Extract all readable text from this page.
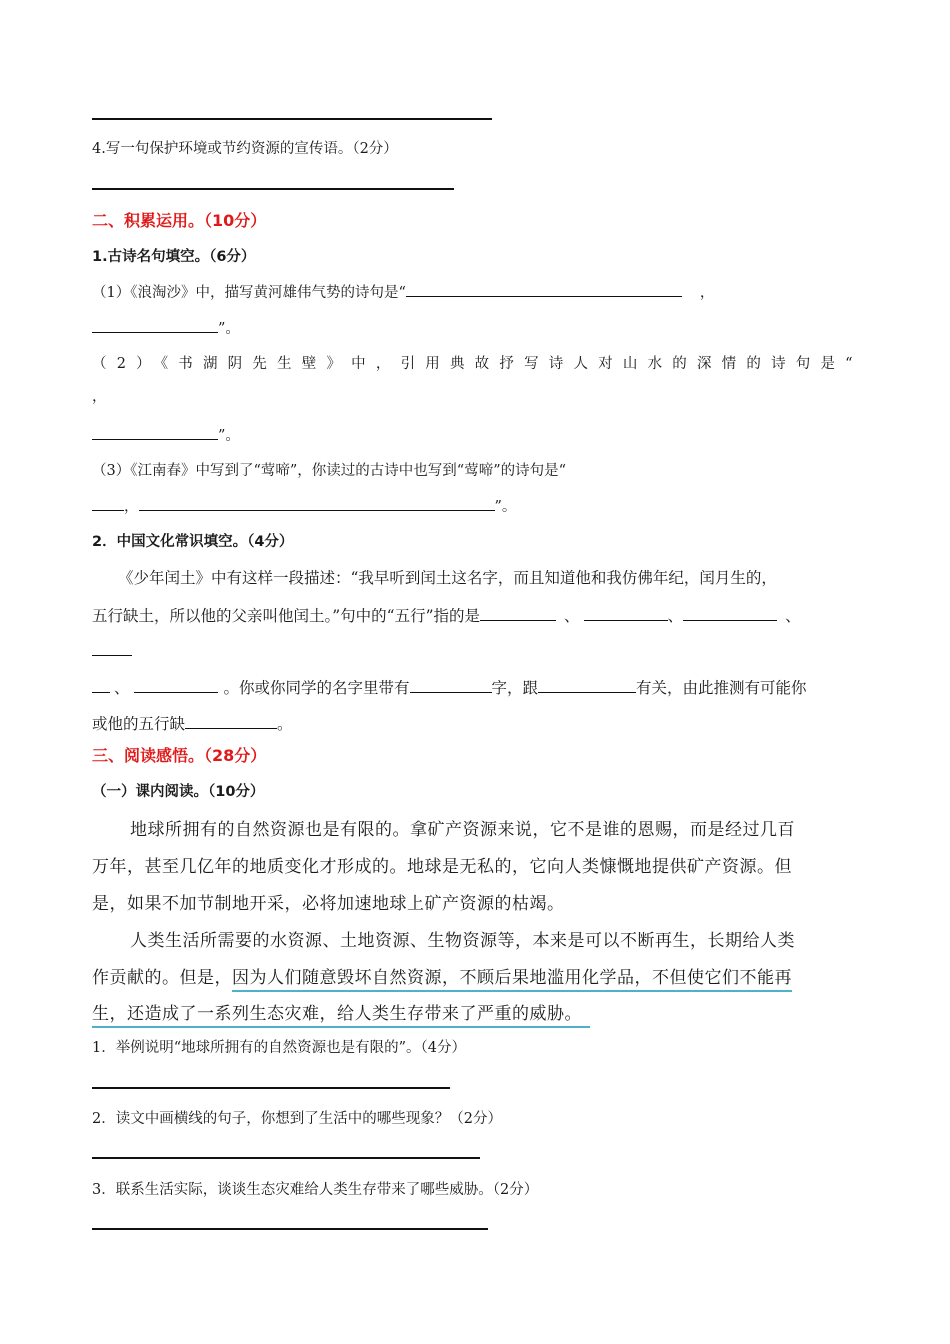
4.写一句保护环境或节约资源的宣传语。（2分）
二、积累运用。（10分）
1.古诗名句填空。（6分）
（1）《浪淘沙》中，描写黄河雄伟气势的诗句是“	，
”。
（2）《书湖阴先生壁》中，引用典故抒写诗人对山水的深情的诗句是“
，
”。
（3）《江南春》中写到了“莺啼”，你读过的古诗中也写到“莺啼”的诗句是“
，	”。
2．中国文化常识填空。（4分）
《少年闰土》中有这样一段描述：“我早听到闰土这名字，而且知道他和我仿佛年纪，闰月生的，
五行缺土，所以他的父亲叫他闰土。”句中的“五行”指的是	、	、	、
、	。你或你同学的名字里带有	字，跟	有关，由此推测有可能你
或他的五行缺	。
三、阅读感悟。（28分）
（一）课内阅读。（10分）
地球所拥有的自然资源也是有限的。拿矿产资源来说，它不是谁的恩赐，而是经过几百
万年，甚至几亿年的地质变化才形成的。地球是无私的，它向人类慷慨地提供矿产资源。但
是，如果不加节制地开采，必将加速地球上矿产资源的枯竭。
人类生活所需要的水资源、土地资源、生物资源等，本来是可以不断再生，长期给人类
作贡献的。但是，因为人们随意毁坏自然资源，不顾后果地滥用化学品，不但使它们不能再
生，还造成了一系列生态灾难，给人类生存带来了严重的威胁。
1．举例说明“地球所拥有的自然资源也是有限的”。（4分）
2．读文中画横线的句子，你想到了生活中的哪些现象？（2分）
3．联系生活实际，谈谈生态灾难给人类生存带来了哪些威胁。（2分）
